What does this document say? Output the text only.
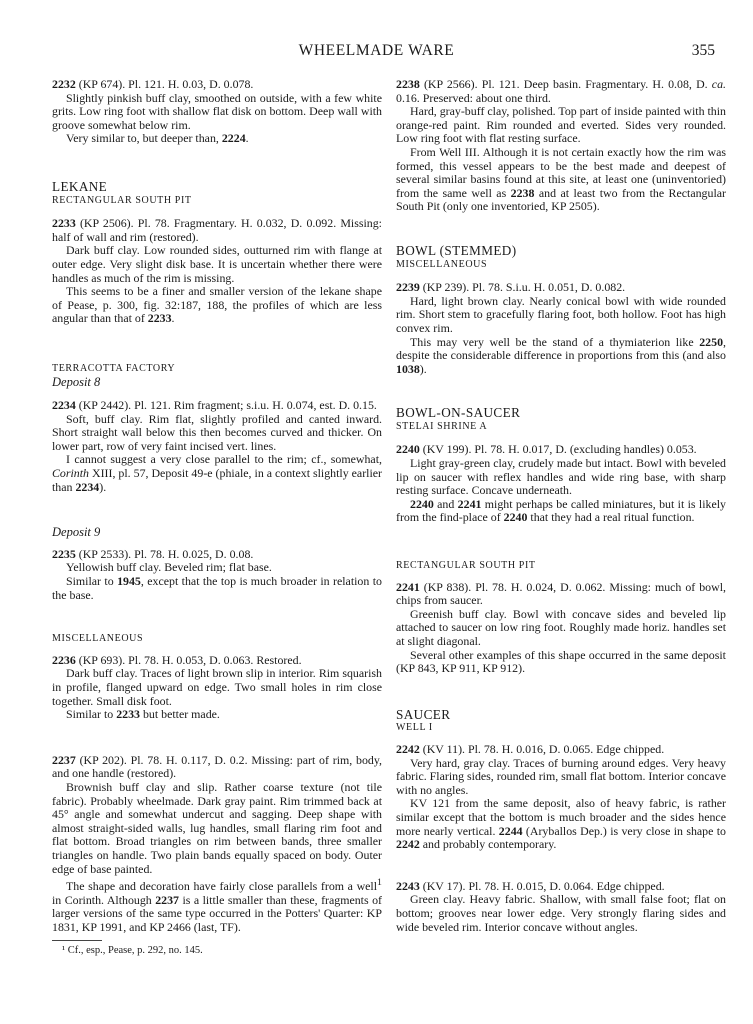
WHEELMADE WARE	355

2232 (KP 674). Pl. 121. H. 0.03, D. 0.078.

Slightly pinkish buff clay, smoothed on outside, with a few white grits. Low ring foot with shallow flat disk on bottom. Deep wall with groove somewhat below rim.

Very similar to, but deeper than, 2224.

LEKANE

RECTANGULAR SOUTH PIT

2233 (KP 2506). Pl. 78. Fragmentary. H. 0.032, D. 0.092. Missing: half of wall and rim (restored).

Dark buff clay. Low rounded sides, outturned rim with flange at outer edge. Very slight disk base. It is uncertain whether there were handles as much of the rim is missing.

This seems to be a finer and smaller version of the lekane shape of Pease, p. 300, fig. 32:187, 188, the profiles of which are less angular than that of 2233.

TERRACOTTA FACTORY

Deposit 8

2234 (KP 2442). Pl. 121. Rim fragment; s.i.u. H. 0.074, est. D. 0.15.

Soft, buff clay. Rim flat, slightly profiled and canted inward. Short straight wall below this then becomes curved and thicker. On lower part, row of very faint incised vert. lines.

I cannot suggest a very close parallel to the rim; cf., somewhat, Corinth XIII, pl. 57, Deposit 49-e (phiale, in a context slightly earlier than 2234).

Deposit 9

2235 (KP 2533). Pl. 78. H. 0.025, D. 0.08.

Yellowish buff clay. Beveled rim; flat base.

Similar to 1945, except that the top is much broader in relation to the base.

MISCELLANEOUS

2236 (KP 693). Pl. 78. H. 0.053, D. 0.063. Restored.

Dark buff clay. Traces of light brown slip in interior. Rim squarish in profile, flanged upward on edge. Two small holes in rim close together. Small disk foot.

Similar to 2233 but better made.

2237 (KP 202). Pl. 78. H. 0.117, D. 0.2. Missing: part of rim, body, and one handle (restored).

Brownish buff clay and slip. Rather coarse texture (not tile fabric). Probably wheelmade. Dark gray paint. Rim trimmed back at 45° angle and somewhat undercut and sagging. Deep shape with almost straight-sided walls, lug handles, small flaring rim foot and flat bottom. Broad triangles on rim between bands, three smaller triangles on handle. Two plain bands equally spaced on body. Outer edge of base painted.

The shape and decoration have fairly close parallels from a well$^1$ in Corinth. Although 2237 is a little smaller than these, fragments of larger versions of the same type occurred in the Potters' Quarter: KP 1831, KP 1991, and KP 2466 (last, TF).

¹ Cf., esp., Pease, p. 292, no. 145.

2238 (KP 2566). Pl. 121. Deep basin. Fragmentary. H. 0.08, D. ca. 0.16. Preserved: about one third.

Hard, gray-buff clay, polished. Top part of inside painted with thin orange-red paint. Rim rounded and everted. Sides very rounded. Low ring foot with flat resting surface.

From Well III. Although it is not certain exactly how the rim was formed, this vessel appears to be the best made and deepest of several similar basins found at this site, at least one (uninventoried) from the same well as 2238 and at least two from the Rectangular South Pit (only one inventoried, KP 2505).

BOWL (STEMMED)

MISCELLANEOUS

2239 (KP 239). Pl. 78. S.i.u. H. 0.051, D. 0.082.

Hard, light brown clay. Nearly conical bowl with wide rounded rim. Short stem to gracefully flaring foot, both hollow. Foot has high convex rim.

This may very well be the stand of a thymiaterion like 2250, despite the considerable difference in proportions from this (and also 1038).

BOWL-ON-SAUCER

STELAI SHRINE A

2240 (KV 199). Pl. 78. H. 0.017, D. (excluding handles) 0.053.

Light gray-green clay, crudely made but intact. Bowl with beveled lip on saucer with reflex handles and wide ring base, with sharp resting surface. Concave underneath.

2240 and 2241 might perhaps be called miniatures, but it is likely from the find-place of 2240 that they had a real ritual function.

RECTANGULAR SOUTH PIT

2241 (KP 838). Pl. 78. H. 0.024, D. 0.062. Missing: much of bowl, chips from saucer.

Greenish buff clay. Bowl with concave sides and beveled lip attached to saucer on low ring foot. Roughly made horiz. handles set at slight diagonal.

Several other examples of this shape occurred in the same deposit (KP 843, KP 911, KP 912).

SAUCER

WELL I

2242 (KV 11). Pl. 78. H. 0.016, D. 0.065. Edge chipped.

Very hard, gray clay. Traces of burning around edges. Very heavy fabric. Flaring sides, rounded rim, small flat bottom. Interior concave with no angles.

KV 121 from the same deposit, also of heavy fabric, is rather similar except that the bottom is much broader and the sides hence more nearly vertical. 2244 (Aryballos Dep.) is very close in shape to 2242 and probably contemporary.

2243 (KV 17). Pl. 78. H. 0.015, D. 0.064. Edge chipped.

Green clay. Heavy fabric. Shallow, with small false foot; flat on bottom; grooves near lower edge. Very strongly flaring sides and wide beveled rim. Interior concave without angles.
